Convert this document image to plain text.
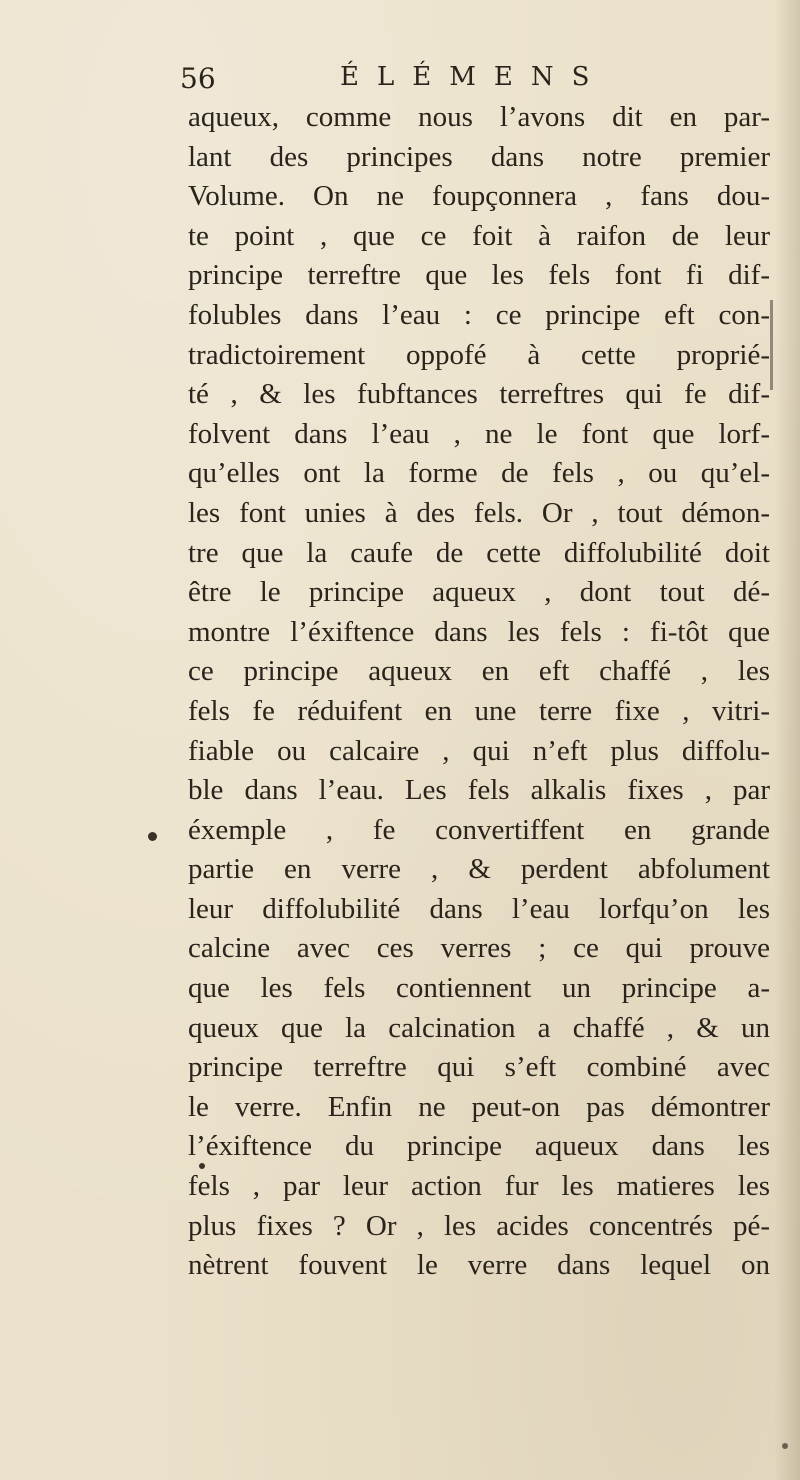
56	ÉLÉMENS
aqueux, comme nous l’avons dit en par-
lant des principes dans notre premier
Volume. On ne foupçonnera , fans dou-
te point , que ce foit à raifon de leur
principe terreftre que les fels font fi dif-
folubles dans l’eau : ce principe eft con-
tradictoirement oppofé à cette proprié-
té , & les fubftances terreftres qui fe dif-
folvent dans l’eau , ne le font que lorf-
qu’elles ont la forme de fels , ou qu’el-
les font unies à des fels. Or , tout démon-
tre que la caufe de cette diffolubilité doit
être le principe aqueux , dont tout dé-
montre l’éxiftence dans les fels : fi-tôt que
ce principe aqueux en eft chaffé , les
fels fe réduifent en une terre fixe , vitri-
fiable ou calcaire , qui n’eft plus diffolu-
ble dans l’eau. Les fels alkalis fixes , par
éxemple , fe convertiffent en grande
partie en verre , & perdent abfolument
leur diffolubilité dans l’eau lorfqu’on les
calcine avec ces verres ; ce qui prouve
que les fels contiennent un principe a-
queux que la calcination a chaffé , & un
principe terreftre qui s’eft combiné avec
le verre. Enfin ne peut-on pas démontrer
l’éxiftence du principe aqueux dans les
fels , par leur action fur les matieres les
plus fixes ? Or , les acides concentrés pé-
nètrent fouvent le verre dans lequel on
